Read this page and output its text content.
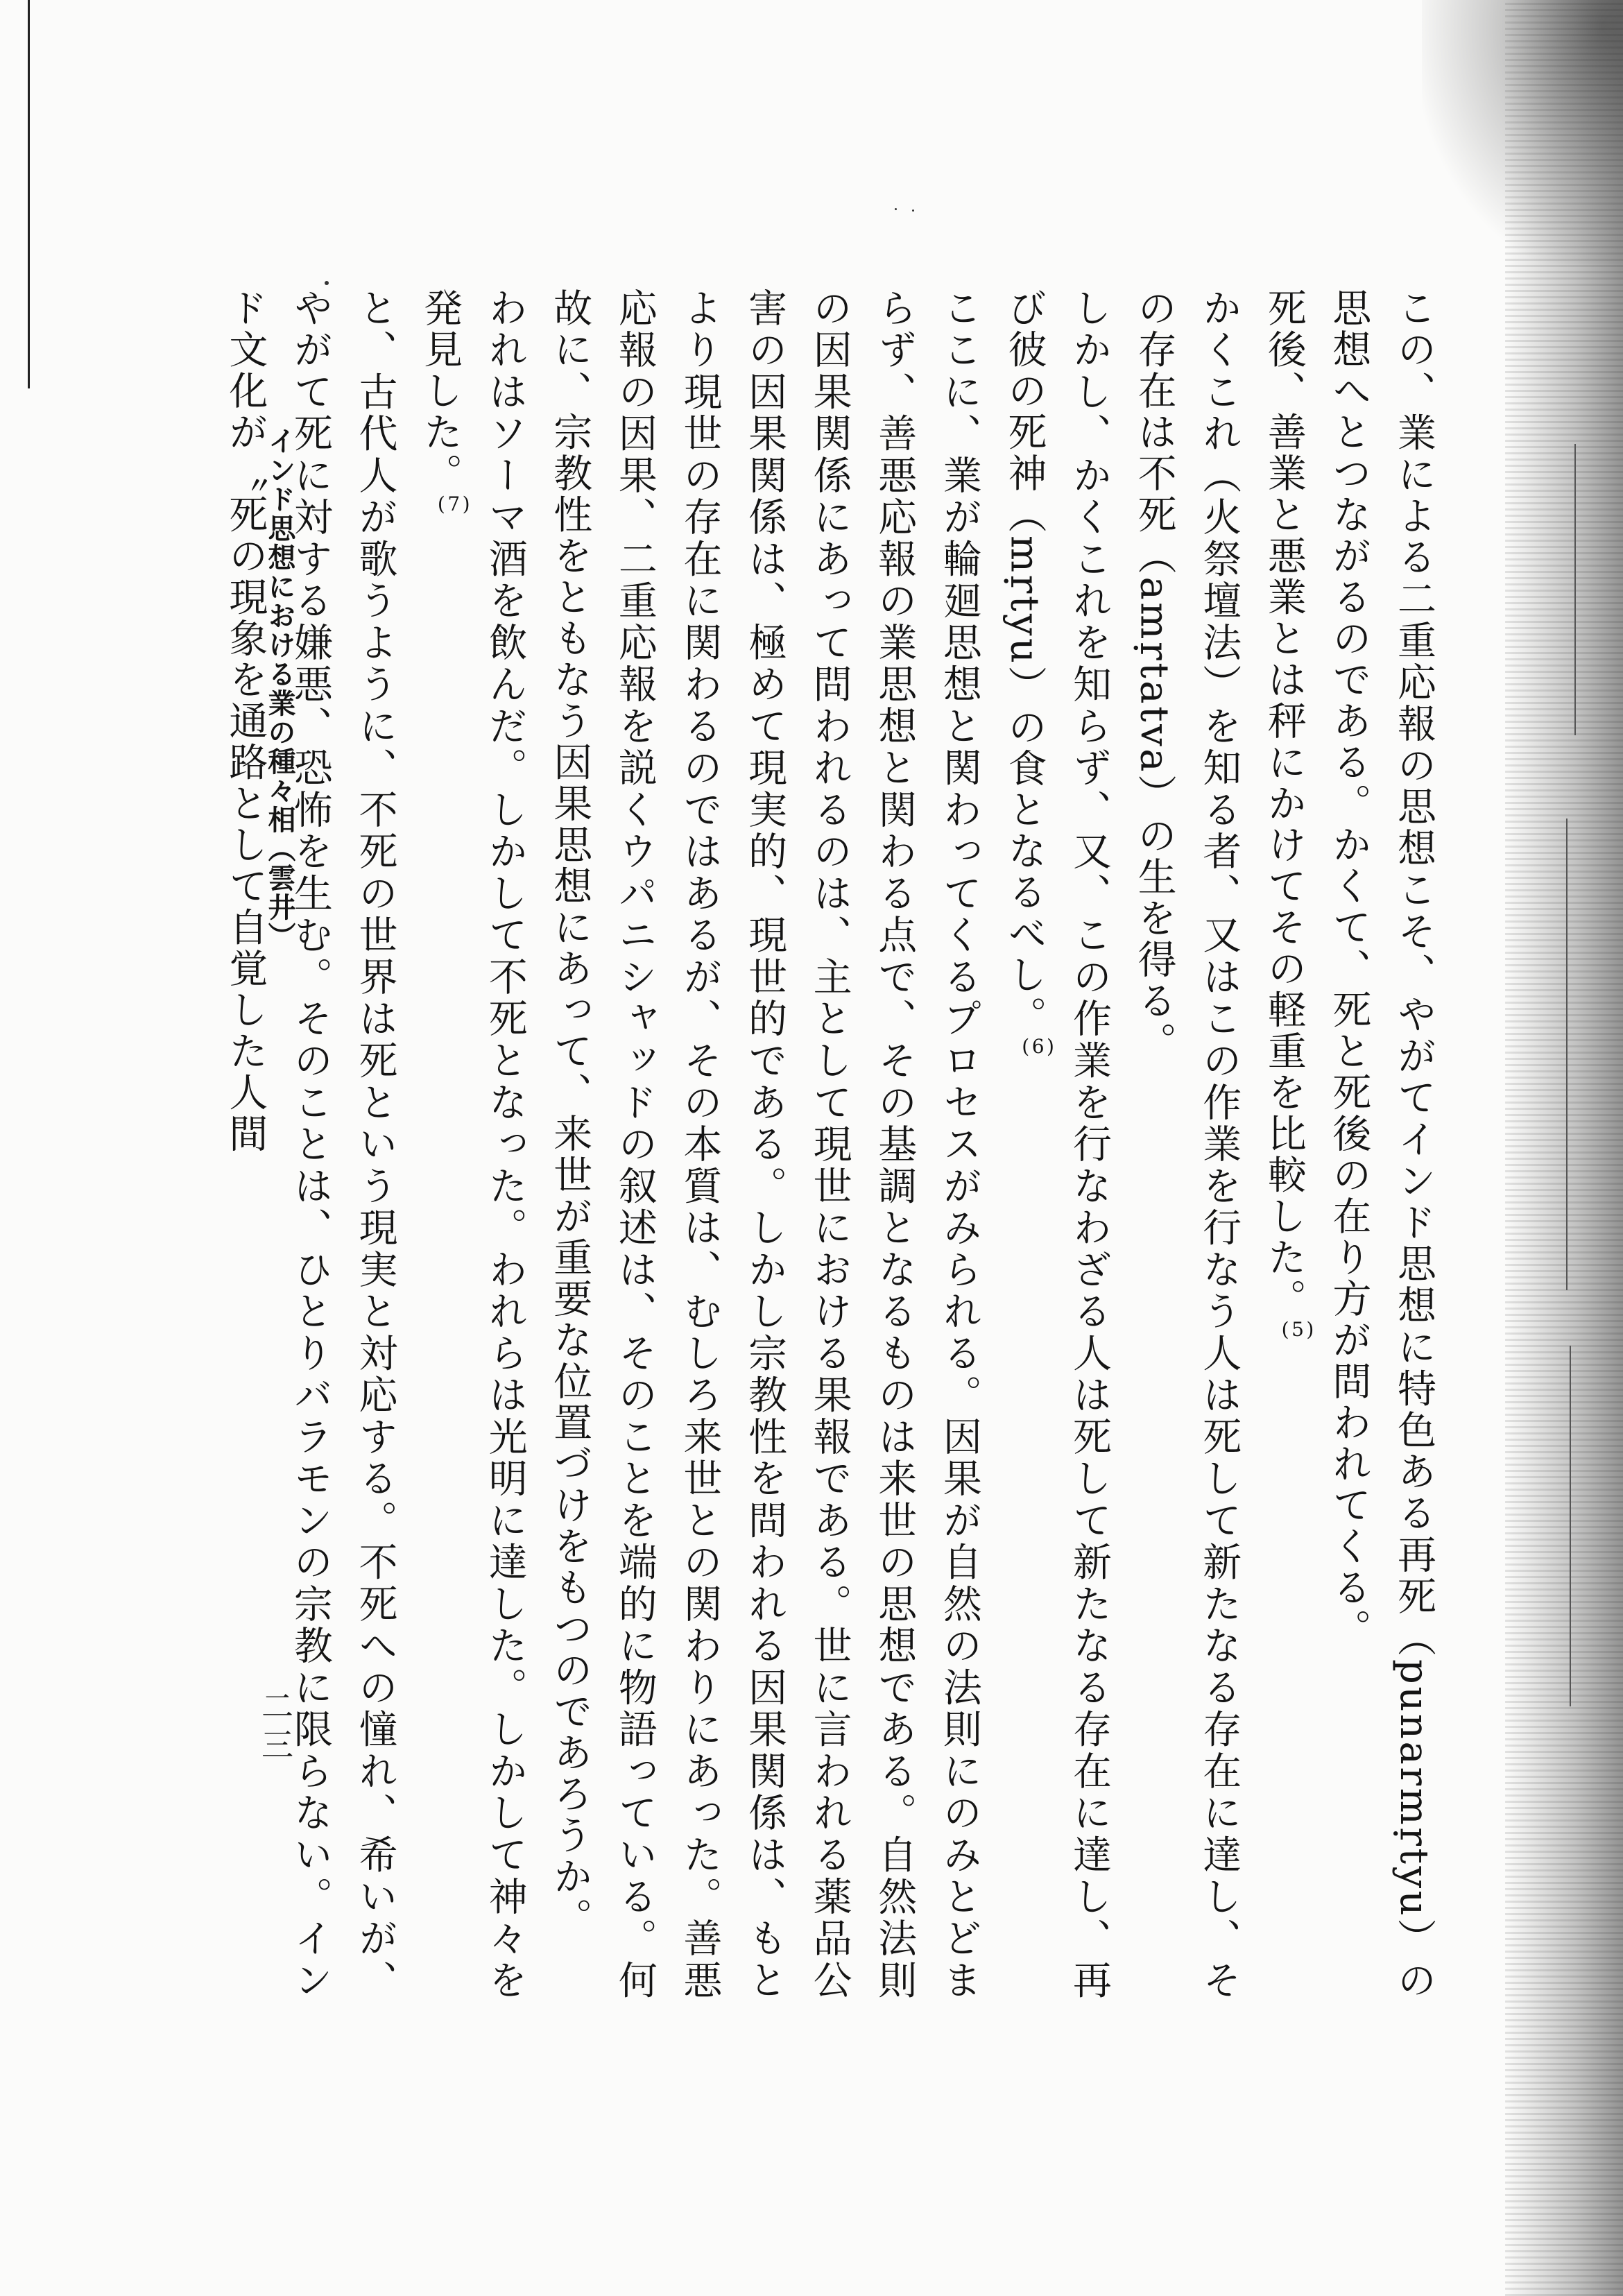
この、業による二重応報の思想こそ、やがてインド思想に特色ある再死（punarmṛtyu）の思想へとつながるのである。かくて、死と死後の在り方が問われてくる。

死後、善業と悪業とは秤にかけてその軽重を比較した。(5)

かくこれ（火祭壇法）を知る者、又はこの作業を行なう人は死して新たなる存在に達し、その存在は不死（amṛtatva）の生を得る。

しかし、かくこれを知らず、又、この作業を行なわざる人は死して新たなる存在に達し、再び彼の死神（mṛtyu）の食となるべし。(6)

ここに、業が輪廻思想と関わってくるプロセスがみられる。因果が自然の法則にのみとどまらず、善悪応報の業思想と関わる点で、その基調となるものは来世の思想である。自然法則の因果関係にあって問われるのは、主として現世における果報である。世に言われる薬品公害の因果関係は、極めて現実的、現世的である。しかし宗教性を問われる因果関係は、もとより現世の存在に関わるのではあるが、その本質は、むしろ来世との関わりにあった。善悪応報の因果、二重応報を説くウパニシャッドの叙述は、そのことを端的に物語っている。何故に、宗教性をともなう因果思想にあって、来世が重要な位置づけをもつのであろうか。

われはソーマ酒を飲んだ。しかして不死となった。われらは光明に達した。しかして神々を発見した。(7)

と、古代人が歌うように、不死の世界は死という現実と対応する。不死への憧れ、希いが、やがて死に対する嫌悪、恐怖を生む。そのことは、ひとりバラモンの宗教に限らない。インド文化が〝死の現象を通路として自覚した人間

インド思想における業の種々相（雲井）
二三
